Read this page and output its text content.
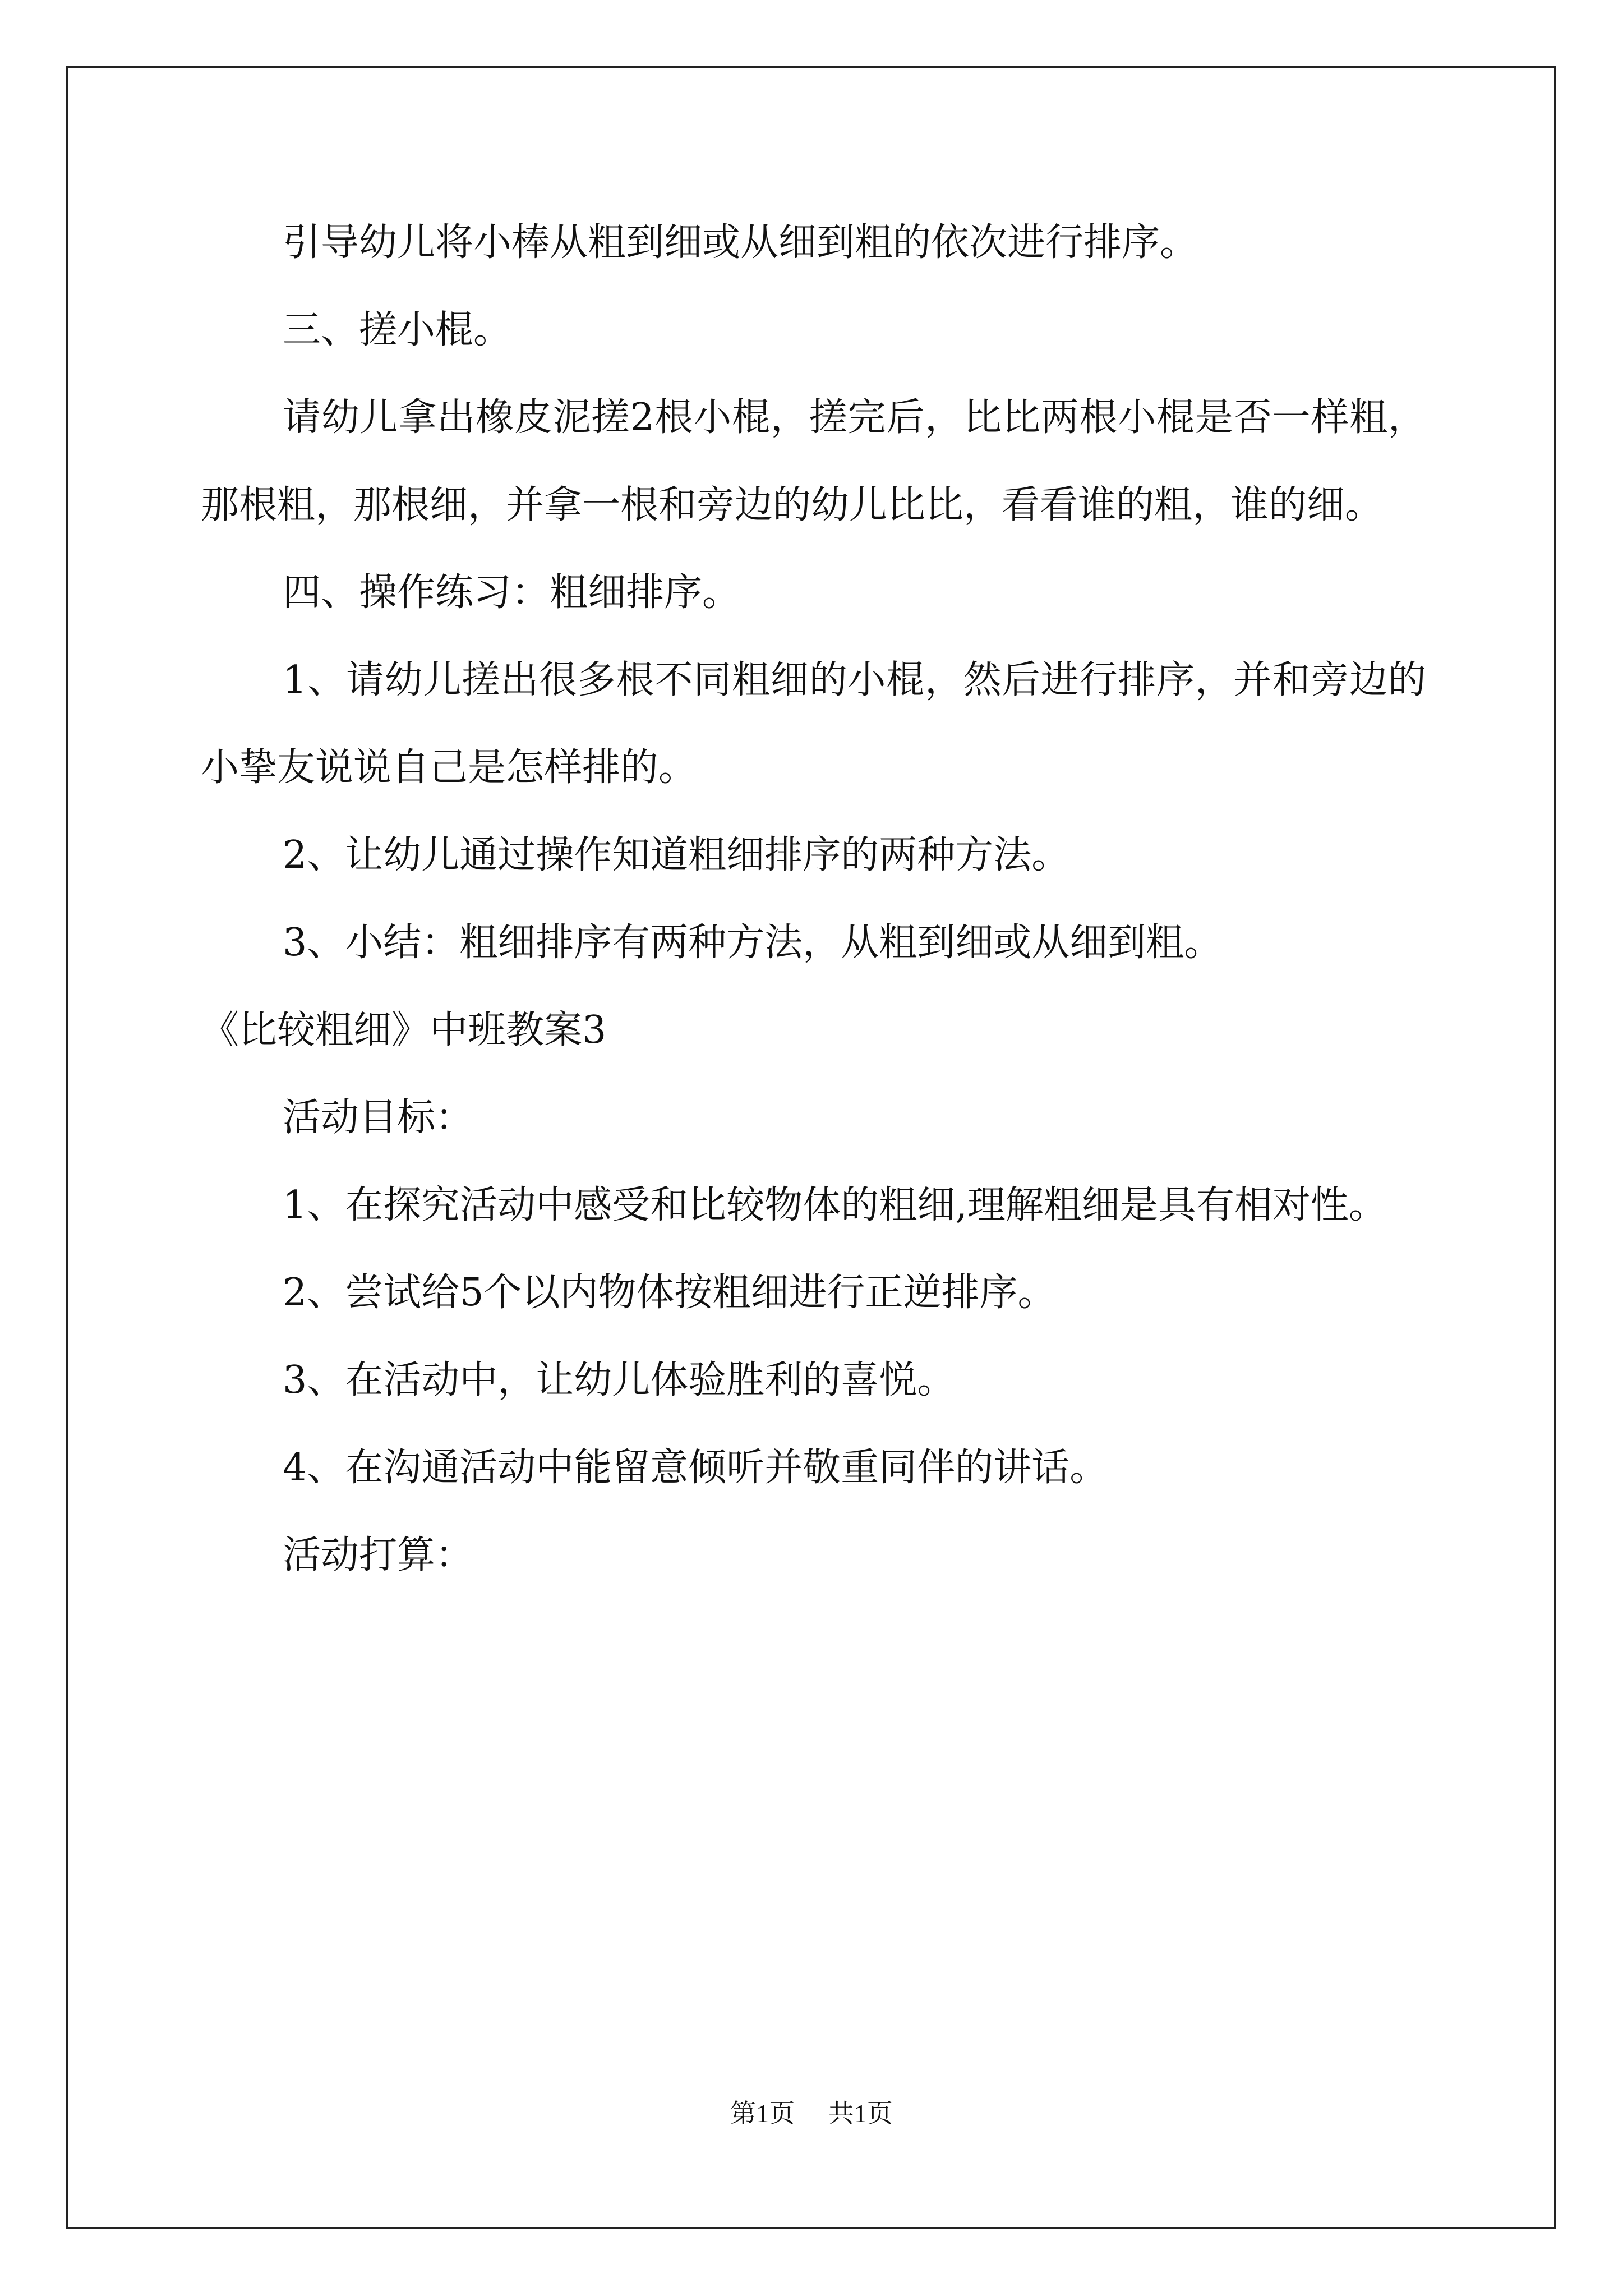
引导幼儿将小棒从粗到细或从细到粗的依次进行排序。

三、搓小棍。

请幼儿拿出橡皮泥搓2根小棍，搓完后，比比两根小棍是否一样粗，那根粗，那根细，并拿一根和旁边的幼儿比比，看看谁的粗，谁的细。

四、操作练习：粗细排序。

1、请幼儿搓出很多根不同粗细的小棍，然后进行排序，并和旁边的小挚友说说自己是怎样排的。

2、让幼儿通过操作知道粗细排序的两种方法。

3、小结：粗细排序有两种方法，从粗到细或从细到粗。

《比较粗细》中班教案3

活动目标：

1、在探究活动中感受和比较物体的粗细,理解粗细是具有相对性。

2、尝试给5个以内物体按粗细进行正逆排序。

3、在活动中，让幼儿体验胜利的喜悦。

4、在沟通活动中能留意倾听并敬重同伴的讲话。

活动打算：

第1页 共1页
